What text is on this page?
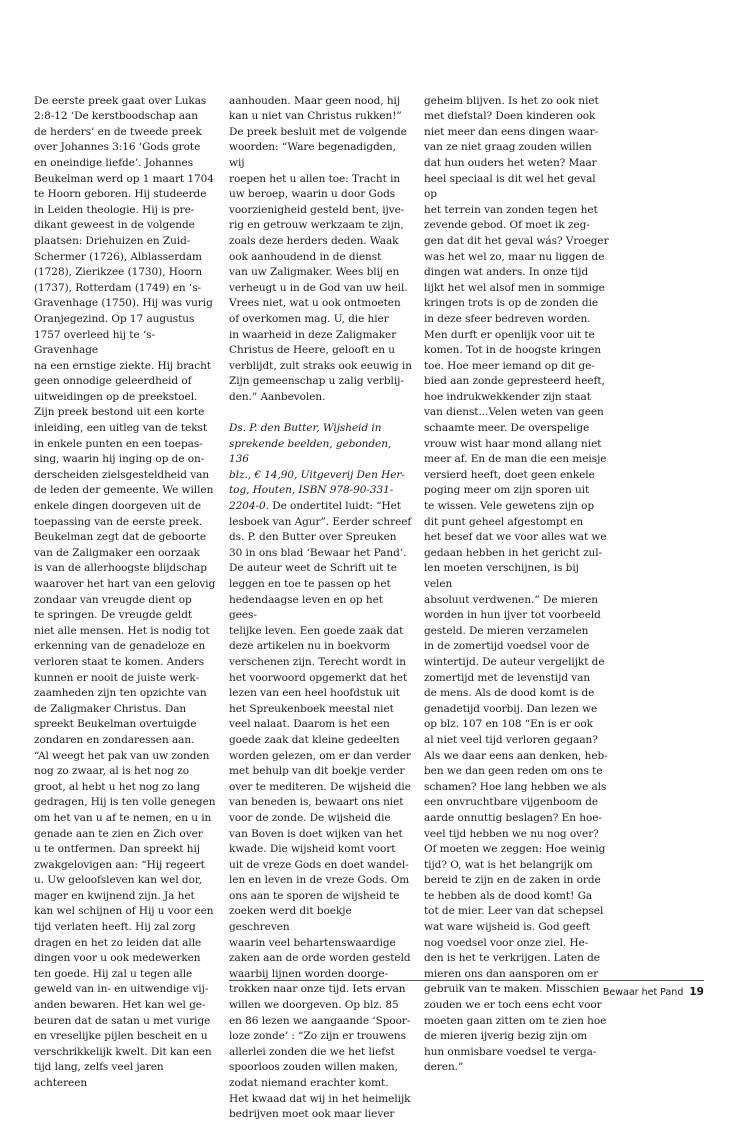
De eerste preek gaat over Lukas
2:8-12 ‘De kerstboodschap aan
de herders’ en de tweede preek
over Johannes 3:16 ‘Gods grote
en oneindige liefde’. Johannes
Beukelman werd op 1 maart 1704
te Hoorn geboren. Hij studeerde
in Leiden theologie. Hij is pre-
dikant geweest in de volgende
plaatsen: Driehuizen en Zuid-
Schermer (1726), Alblasserdam
(1728), Zierikzee (1730), Hoorn
(1737), Rotterdam (1749) en ‘s-
Gravenhage (1750). Hij was vurig
Oranjegezind. Op 17 augustus
1757 overleed hij te ‘s- Gravenhage
na een ernstige ziekte. Hij bracht
geen onnodige geleerdheid of
uitweidingen op de preekstoel.
Zijn preek bestond uit een korte
inleiding, een uitleg van de tekst
in enkele punten en een toepas-
sing, waarin hij inging op de on-
derscheiden zielsgesteldheid van
de leden der gemeente. We willen
enkele dingen doorgeven uit de
toepassing van de eerste preek.
Beukelman zegt dat de geboorte
van de Zaligmaker een oorzaak
is van de allerhoogste blijdschap
waarover het hart van een gelovig
zondaar van vreugde dient op
te springen. De vreugde geldt
niet alle mensen. Het is nodig tot
erkenning van de genadeloze en
verloren staat te komen. Anders
kunnen er nooit de juiste werk-
zaamheden zijn ten opzichte van
de Zaligmaker Christus. Dan
spreekt Beukelman overtuigde
zondaren en zondaressen aan.
“Al weegt het pak van uw zonden
nog zo zwaar, al is het nog zo
groot, al hebt u het nog zo lang
gedragen, Hij is ten volle genegen
om het van u af te nemen, en u in
genade aan te zien en Zich over
u te ontfermen. Dan spreekt hij
zwakgelovigen aan: “Hij regeert
u. Uw geloofsleven kan wel dor,
mager en kwijnend zijn. Ja het
kan wel schijnen of Hij u voor een
tijd verlaten heeft. Hij zal zorg
dragen en het zo leiden dat alle
dingen voor u ook medewerken
ten goede. Hij zal u tegen alle
geweld van in- en uitwendige vij-
anden bewaren. Het kan wel ge-
beuren dat de satan u met vurige
en vreselijke pijlen bescheit en u
verschrikkelijk kwelt. Dit kan een
tijd lang, zelfs veel jaren achtereen

aanhouden. Maar geen nood, hij
kan u niet van Christus rukken!”
De preek besluit met de volgende
woorden: “Ware begenadigden, wij
roepen het u allen toe: Tracht in
uw beroep, waarin u door Gods
voorzienigheid gesteld bent, ijve-
rig en getrouw werkzaam te zijn,
zoals deze herders deden. Waak
ook aanhoudend in de dienst
van uw Zaligmaker. Wees blij en
verheugt u in de God van uw heil.
Vrees niet, wat u ook ontmoeten
of overkomen mag. U, die hier
in waarheid in deze Zaligmaker
Christus de Heere, gelooft en u
verblijdt, zult straks ook eeuwig in
Zijn gemeenschap u zalig verblij-
den.” Aanbevolen.

Ds. P. den Butter, Wijsheid in
sprekende beelden, gebonden, 136
blz., € 14,90, Uitgeverij Den Her-
tog, Houten, ISBN 978-90-331-
2204-0. De ondertitel luidt: “Het
lesboek van Agur”. Eerder schreef
ds. P. den Butter over Spreuken
30 in ons blad ‘Bewaar het Pand’.
De auteur weet de Schrift uit te
leggen en toe te passen op het
hedendaagse leven en op het gees-
telijke leven. Een goede zaak dat
deze artikelen nu in boekvorm
verschenen zijn. Terecht wordt in
het voorwoord opgemerkt dat het
lezen van een heel hoofdstuk uit
het Spreukenboek meestal niet
veel nalaat. Daarom is het een
goede zaak dat kleine gedeelten
worden gelezen, om er dan verder
met behulp van dit boekje verder
over te mediteren. De wijsheid die
van beneden is, bewaart ons niet
voor de zonde. De wijsheid die
van Boven is doet wijken van het
kwade. Die wijsheid komt voort
uit de vreze Gods en doet wandel-
len en leven in de vreze Gods. Om
ons aan te sporen de wijsheid te
zoeken werd dit boekje geschreven
waarin veel behartenswaardige
zaken aan de orde worden gesteld
waarbij lijnen worden doorge-
trokken naar onze tijd. Iets ervan
willen we doorgeven. Op blz. 85
en 86 lezen we aangaande ‘Spoor-
loze zonde’ : “Zo zijn er trouwens
allerlei zonden die we het liefst
spoorloos zouden willen maken,
zodat niemand erachter komt.
Het kwaad dat wij in het heimelijk
bedrijven moet ook maar liever

geheim blijven. Is het zo ook niet
met diefstal? Doen kinderen ook
niet meer dan eens dingen waar-
van ze niet graag zouden willen
dat hun ouders het weten? Maar
heel speciaal is dit wel het geval op
het terrein van zonden tegen het
zevende gebod. Of moet ik zeg-
gen dat dit het geval wás? Vroeger
was het wel zo, maar nu liggen de
dingen wat anders. In onze tijd
lijkt het wel alsof men in sommige
kringen trots is op de zonden die
in deze sfeer bedreven worden.
Men durft er openlijk voor uit te
komen. Tot in de hoogste kringen
toe. Hoe meer iemand op dit ge-
bied aan zonde gepresteerd heeft,
hoe indrukwekkender zijn staat
van dienst...Velen weten van geen
schaamte meer. De overspelige
vrouw wist haar mond allang niet
meer af. En de man die een meisje
versierd heeft, doet geen enkele
poging meer om zijn sporen uit
te wissen. Vele gewetens zijn op
dit punt geheel afgestompt en
het besef dat we voor alles wat we
gedaan hebben in het gericht zul-
len moeten verschijnen, is bij velen
absoluut verdwenen.” De mieren
worden in hun ijver tot voorbeeld
gesteld. De mieren verzamelen
in de zomertijd voedsel voor de
wintertijd. De auteur vergelijkt de
zomertijd met de levenstijd van
de mens. Als de dood komt is de
genadetijd voorbij. Dan lezen we
op blz. 107 en 108 “En is er ook
al niet veel tijd verloren gegaan?
Als we daar eens aan denken, heb-
ben we dan geen reden om ons te
schamen? Hoe lang hebben we als
een onvruchtbare vijgenboom de
aarde onnuttig beslagen? En hoe-
veel tijd hebben we nu nog over?
Of moeten we zeggen: Hoe weinig
tijd? O, wat is het belangrijk om
bereid te zijn en de zaken in orde
te hebben als de dood komt! Ga
tot de mier. Leer van dat schepsel
wat ware wijsheid is. God geeft
nog voedsel voor onze ziel. He-
den is het te verkrijgen. Laten de
mieren ons dan aansporen om er
gebruik van te maken. Misschien
zouden we er toch eens echt voor
moeten gaan zitten om te zien hoe
de mieren ijverig bezig zijn om
hun onmisbare voedsel te verga-
deren.”

Bewaar het Pand 19
